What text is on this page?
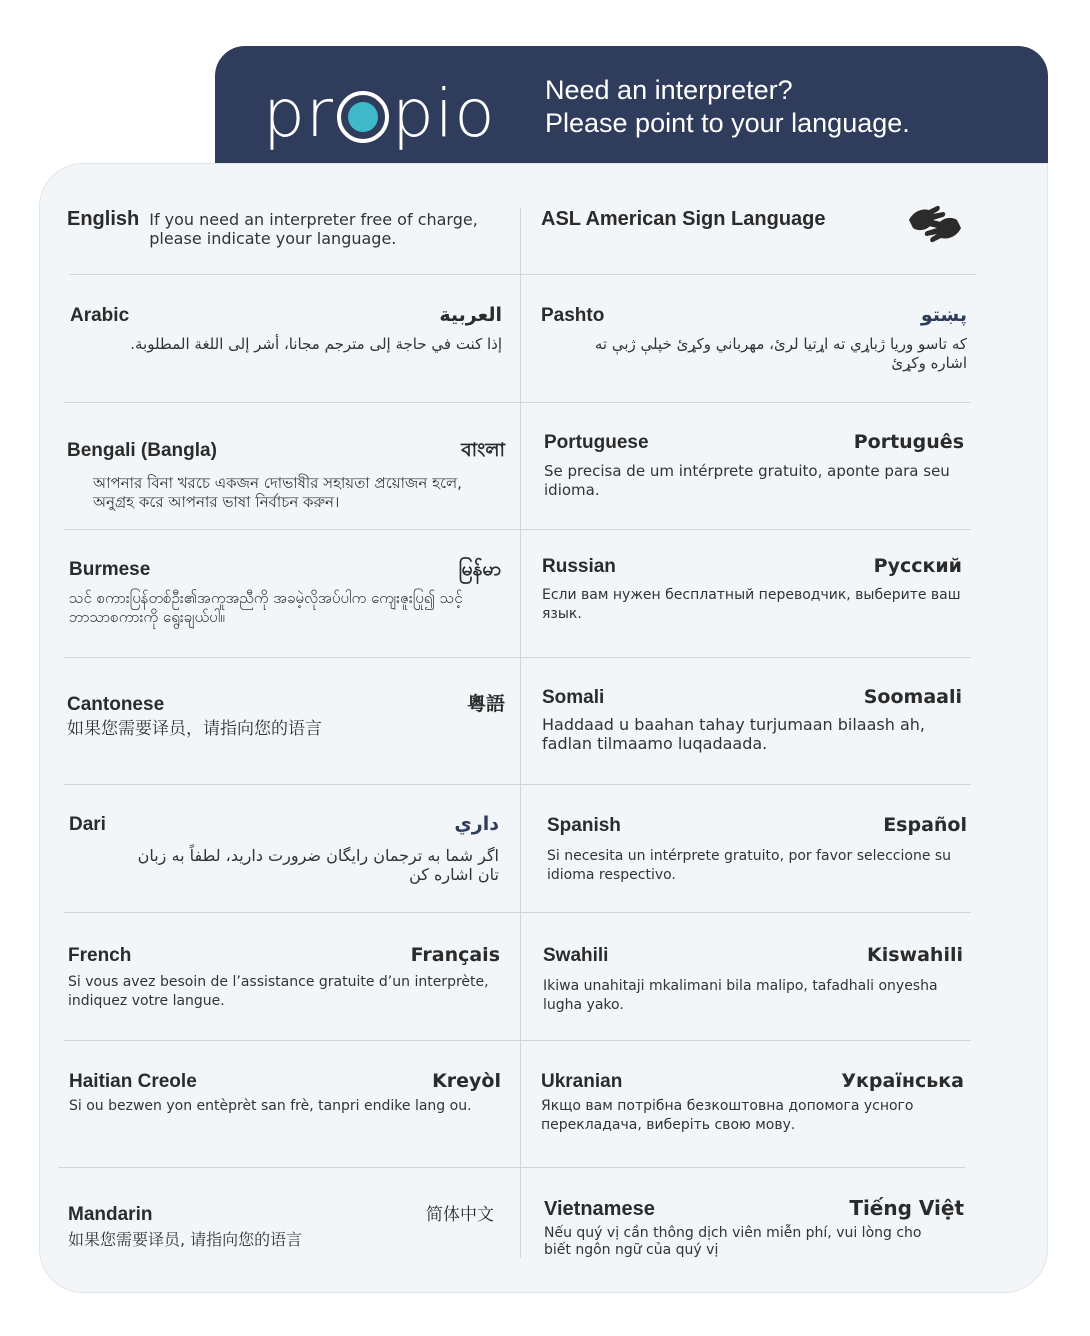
pr pio Need an interpreter?
Please point to your language.
English If you need an interpreter free of charge, please indicate your language.
ASL American Sign Language
Arabic	العربية
إذا كنت في حاجة إلى مترجم مجانا، أشر إلى اللغة المطلوبة.
Pashto	پښتو
كه تاسو وريا ژباړي ته اړتيا لرئ، مهرباني وکړئ خپلې ژبې ته اشاره وکړئ
Bengali (Bangla)	বাংলা
আপনার বিনা খরচে একজন দোভাষীর সহায়তা প্রয়োজন হলে, অনুগ্রহ করে আপনার ভাষা নির্বাচন করুন।
Portuguese	Português
Se precisa de um intérprete gratuito, aponte para seu idioma.
Burmese	မြန်မာ
သင် စကားပြန်တစ်ဦး၏အကူအညီကို အခမဲ့လိုအပ်ပါက ကျေးဇူးပြု၍ သင့်ဘာသာစကားကို ရွေးချယ်ပါ။
Russian	Русский
Если вам нужен бесплатный переводчик, выберите ваш язык.
Cantonese	粵語
如果您需要译员，请指向您的语言
Somali	Soomaali
Haddaad u baahan tahay turjumaan bilaash ah, fadlan tilmaamo luqadaada.
Dari	داري
اگر شما به ترجمان رایگان ضرورت دارید، لطفاً به زبان تان اشاره کن
Spanish	Español
Si necesita un intérprete gratuito, por favor seleccione su idioma respectivo.
French	Français
Si vous avez besoin de l’assistance gratuite d’un interprète, indiquez votre langue.
Swahili	Kiswahili
Ikiwa unahitaji mkalimani bila malipo, tafadhali onyesha lugha yako.
Haitian Creole	Kreyòl
Si ou bezwen yon entèprèt san frè, tanpri endike lang ou.
Ukranian	Українська
Якщо вам потрібна безкоштовна допомога усного перекладача, виберіть свою мову.
Mandarin	简体中文
如果您需要译员, 请指向您的语言
Vietnamese	Tiếng Việt
Nếu quý vị cần thông dịch viên miễn phí, vui lòng cho biết ngôn ngữ của quý vị
